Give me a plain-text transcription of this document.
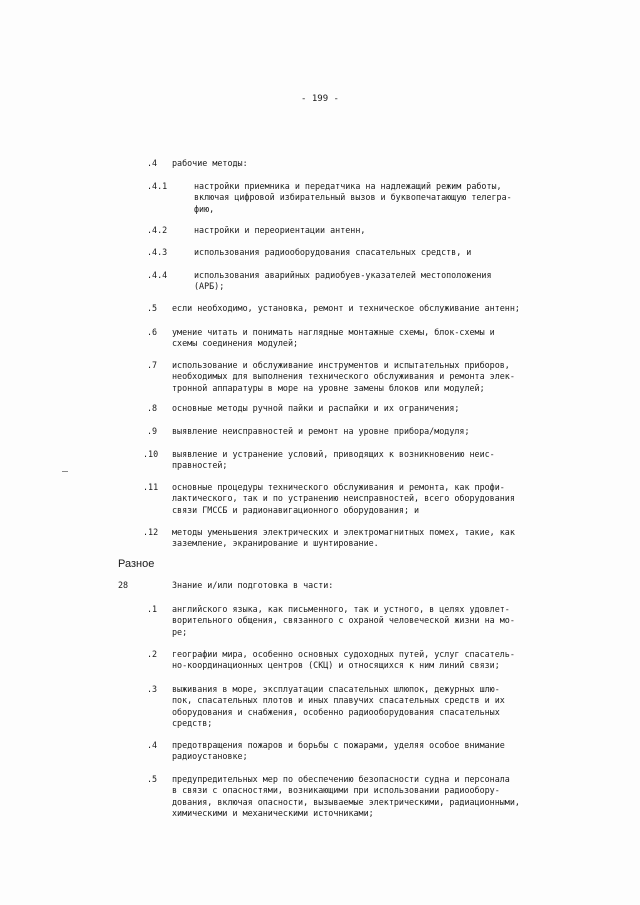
- 199 -
.4 рабочие методы:
.4.1	настройки приемника и передатчика на надлежащий режим работы,
включая цифровой избирательный вызов и буквопечатающую телегра-
фию,
.4.2	настройки и переориентации антенн,
.4.3	использования радиооборудования спасательных средств, и
.4.4	использования аварийных радиобуев-указателей местоположения
(АРБ);
.5 если необходимо, установка, ремонт и техническое обслуживание антенн;
.6 умение читать и понимать наглядные монтажные схемы, блок-схемы и
схемы соединения модулей;
.7 использование и обслуживание инструментов и испытательных приборов,
необходимых для выполнения технического обслуживания и ремонта элек-
тронной аппаратуры в море на уровне замены блоков или модулей;
.8 основные методы ручной пайки и распайки и их ограничения;
.9 выявление неисправностей и ремонт на уровне прибора/модуля;
.10 выявление и устранение условий, приводящих к возникновению неис-
правностей;
.11 основные процедуры технического обслуживания и ремонта, как профи-
лактического, так и по устранению неисправностей, всего оборудования
связи ГМССБ и радионавигационного оборудования; и
.12 методы уменьшения электрических и электромагнитных помех, такие, как
заземление, экранирование и шунтирование.
Разное
28	Знание и/или подготовка в части:
.1 английского языка, как письменного, так и устного, в целях удовлет-
ворительного общения, связанного с охраной человеческой жизни на мо-
ре;
.2 географии мира, особенно основных судоходных путей, услуг спасатель-
но-координационных центров (СКЦ) и относящихся к ним линий связи;
.3 выживания в море, эксплуатации спасательных шлюпок, дежурных шлю-
пок, спасательных плотов и иных плавучих спасательных средств и их
оборудования и снабжения, особенно радиооборудования спасательных
средств;
.4 предотвращения пожаров и борьбы с пожарами, уделяя особое внимание
радиоустановке;
.5 предупредительных мер по обеспечению безопасности судна и персонала
в связи с опасностями, возникающими при использовании радиообору-
дования, включая опасности, вызываемые электрическими, радиационными,
химическими и механическими источниками;
